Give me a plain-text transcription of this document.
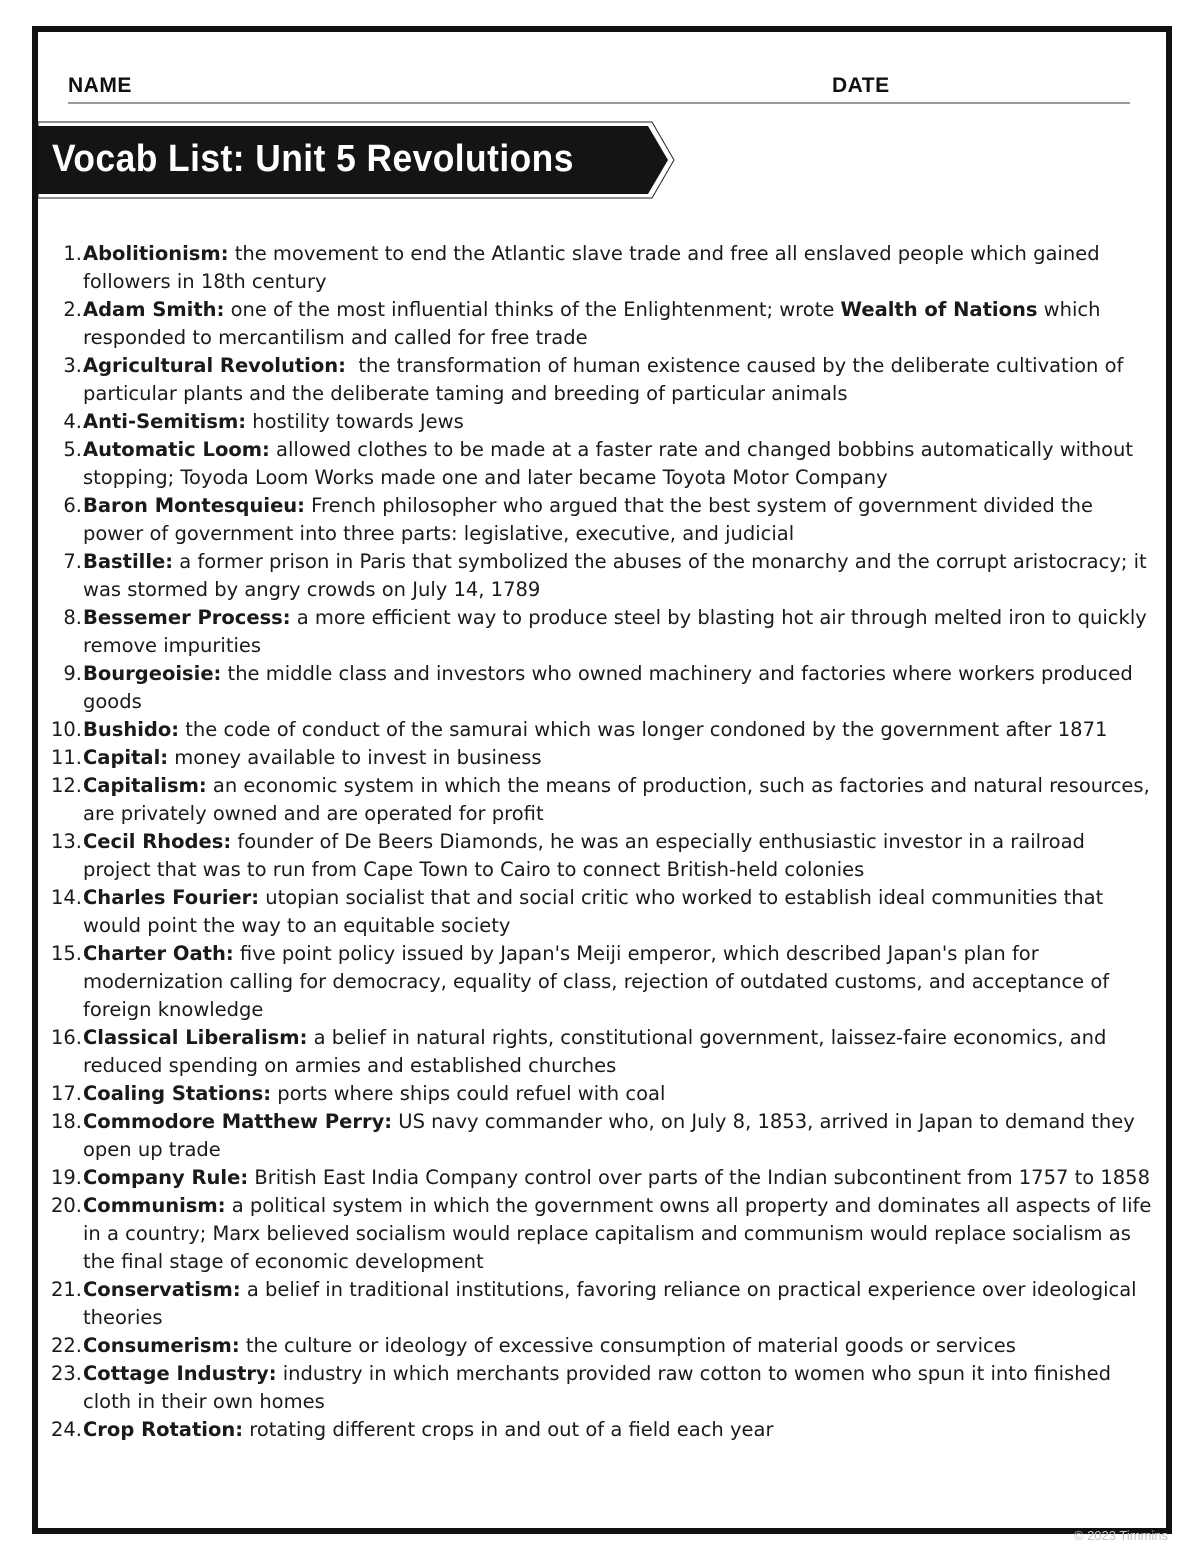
NAME	DATE
Vocab List: Unit 5 Revolutions
1. Abolitionism: the movement to end the Atlantic slave trade and free all enslaved people which gained followers in 18th century
2. Adam Smith: one of the most influential thinks of the Enlightenment; wrote Wealth of Nations which responded to mercantilism and called for free trade
3. Agricultural Revolution:  the transformation of human existence caused by the deliberate cultivation of particular plants and the deliberate taming and breeding of particular animals
4. Anti-Semitism: hostility towards Jews
5. Automatic Loom: allowed clothes to be made at a faster rate and changed bobbins automatically without stopping; Toyoda Loom Works made one and later became Toyota Motor Company
6. Baron Montesquieu: French philosopher who argued that the best system of government divided the power of government into three parts: legislative, executive, and judicial
7. Bastille: a former prison in Paris that symbolized the abuses of the monarchy and the corrupt aristocracy; it was stormed by angry crowds on July 14, 1789
8. Bessemer Process: a more efficient way to produce steel by blasting hot air through melted iron to quickly remove impurities
9. Bourgeoisie: the middle class and investors who owned machinery and factories where workers produced goods
10. Bushido: the code of conduct of the samurai which was longer condoned by the government after 1871
11. Capital: money available to invest in business
12. Capitalism: an economic system in which the means of production, such as factories and natural resources, are privately owned and are operated for profit
13. Cecil Rhodes: founder of De Beers Diamonds, he was an especially enthusiastic investor in a railroad project that was to run from Cape Town to Cairo to connect British-held colonies
14. Charles Fourier: utopian socialist that and social critic who worked to establish ideal communities that would point the way to an equitable society
15. Charter Oath: five point policy issued by Japan's Meiji emperor, which described Japan's plan for modernization calling for democracy, equality of class, rejection of outdated customs, and acceptance of foreign knowledge
16. Classical Liberalism: a belief in natural rights, constitutional government, laissez-faire economics, and reduced spending on armies and established churches
17. Coaling Stations: ports where ships could refuel with coal
18. Commodore Matthew Perry: US navy commander who, on July 8, 1853, arrived in Japan to demand they open up trade
19. Company Rule: British East India Company control over parts of the Indian subcontinent from 1757 to 1858
20. Communism: a political system in which the government owns all property and dominates all aspects of life in a country; Marx believed socialism would replace capitalism and communism would replace socialism as the final stage of economic development
21. Conservatism: a belief in traditional institutions, favoring reliance on practical experience over ideological theories
22. Consumerism: the culture or ideology of excessive consumption of material goods or services
23. Cottage Industry: industry in which merchants provided raw cotton to women who spun it into finished cloth in their own homes
24. Crop Rotation: rotating different crops in and out of a field each year
© 2023 Timmins
